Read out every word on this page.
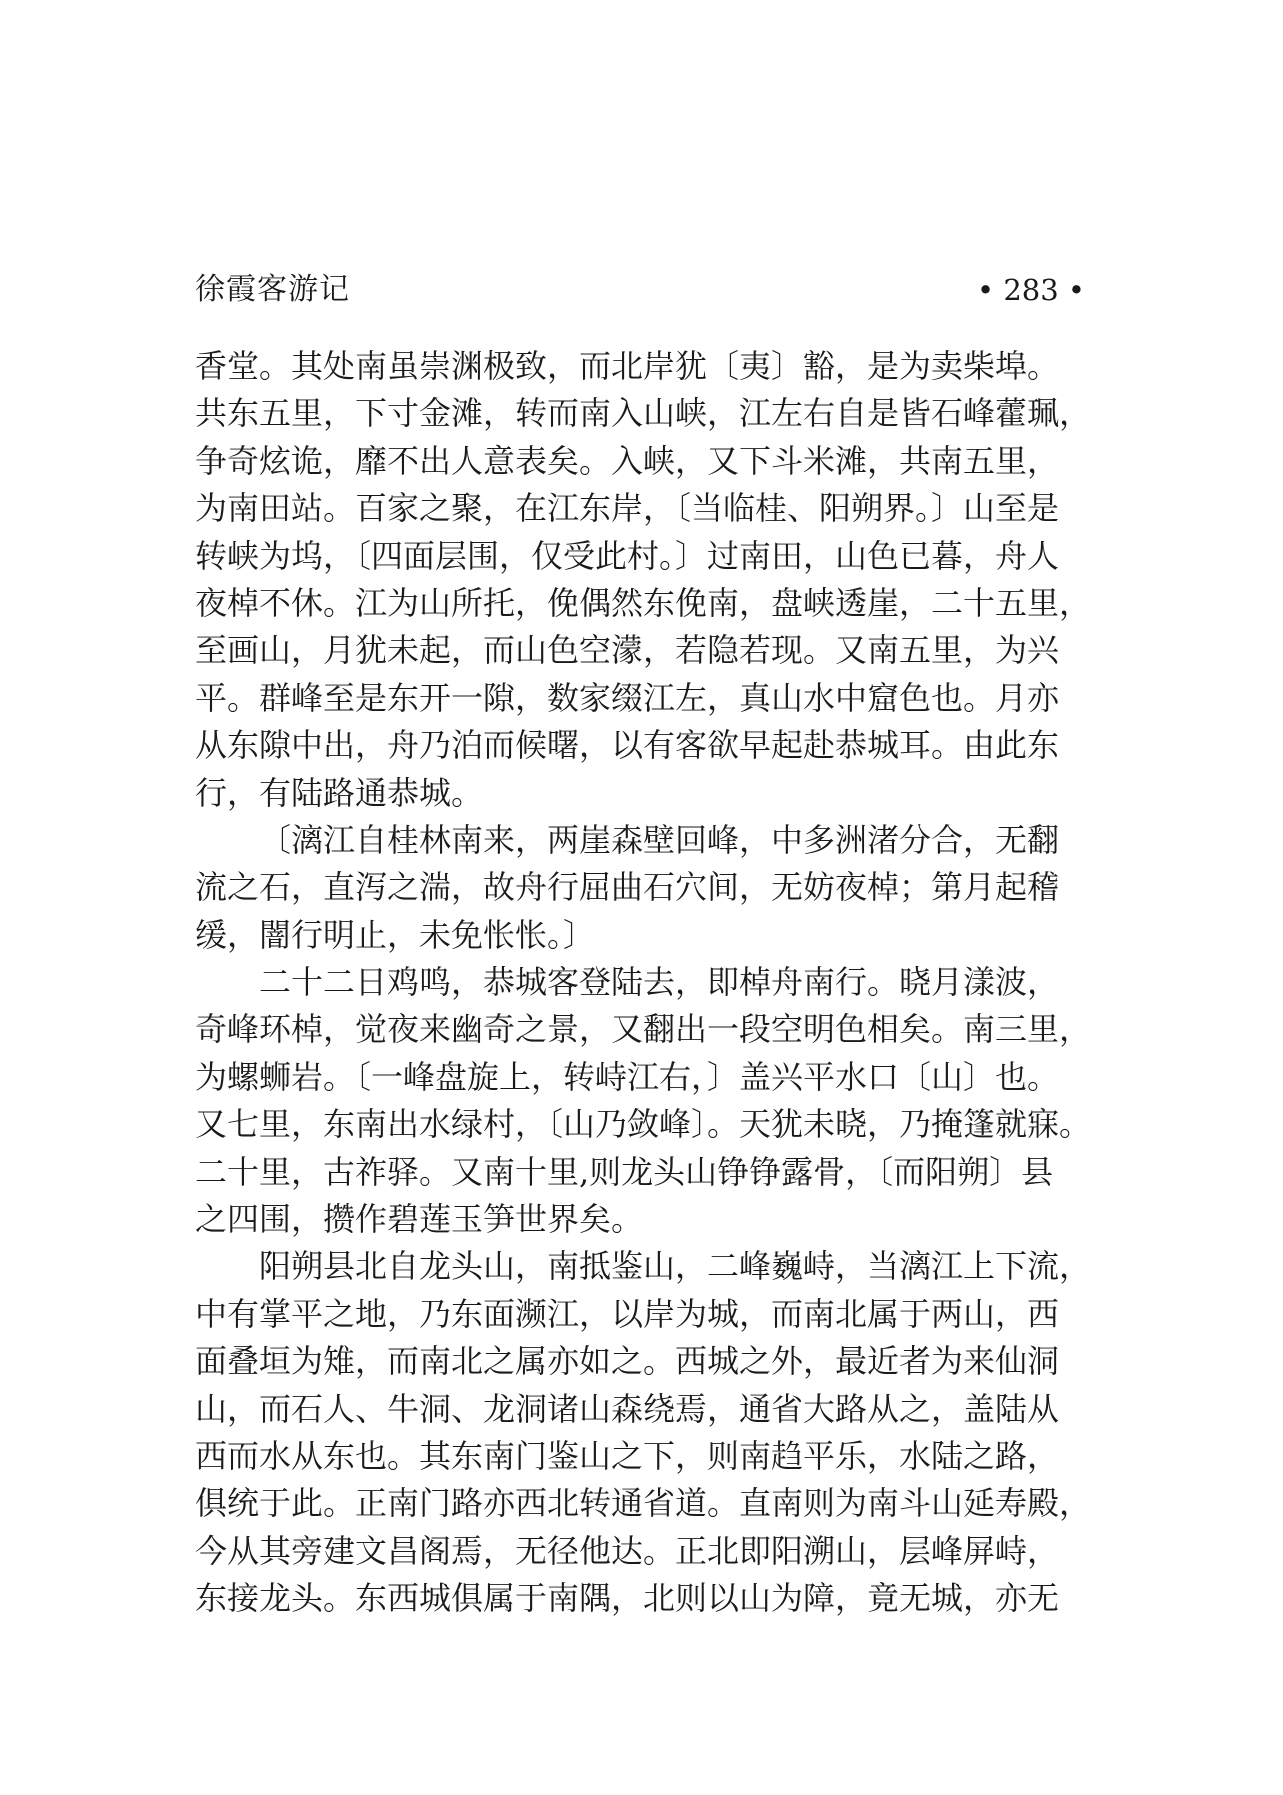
徐霞客游记	• 283 •
香堂。其处南虽崇渊极致，而北岸犹〔夷〕豁，是为卖柴埠。
共东五里，下寸金滩，转而南入山峡，江左右自是皆石峰藿珮，
争奇炫诡，靡不出人意表矣。入峡，又下斗米滩，共南五里，
为南田站。百家之聚，在江东岸，〔当临桂、阳朔界。〕山至是
转峡为坞，〔四面层围，仅受此村。〕过南田，山色已暮，舟人
夜棹不休。江为山所托，俛偶然东俛南，盘峡透崖，二十五里，
至画山，月犹未起，而山色空濛，若隐若现。又南五里，为兴
平。群峰至是东开一隙，数家缀江左，真山水中窟色也。月亦
从东隙中出，舟乃泊而候曙，以有客欲早起赴恭城耳。由此东
行，有陆路通恭城。
〔漓江自桂林南来，两崖森壁回峰，中多洲渚分合，无翻
流之石，直泻之湍，故舟行屈曲石穴间，无妨夜棹；第月起稽
缓，闇行明止，未免怅怅。〕
二十二日鸡鸣，恭城客登陆去，即棹舟南行。晓月漾波，
奇峰环棹，觉夜来幽奇之景，又翻出一段空明色相矣。南三里，
为螺蛳岩。〔一峰盘旋上，转峙江右，〕盖兴平水口〔山〕也。
又七里，东南出水绿村，〔山乃敛峰〕。天犹未晓，乃掩篷就寐。
二十里，古祚驿。又南十里,则龙头山铮铮露骨，〔而阳朔〕县
之四围，攒作碧莲玉笋世界矣。
阳朔县北自龙头山，南抵鉴山，二峰巍峙，当漓江上下流，
中有掌平之地，乃东面濒江，以岸为城，而南北属于两山，西
面叠垣为雉，而南北之属亦如之。西城之外，最近者为来仙洞
山，而石人、牛洞、龙洞诸山森绕焉，通省大路从之，盖陆从
西而水从东也。其东南门鉴山之下，则南趋平乐，水陆之路，
俱统于此。正南门路亦西北转通省道。直南则为南斗山延寿殿，
今从其旁建文昌阁焉，无径他达。正北即阳溯山，层峰屏峙，
东接龙头。东西城俱属于南隅，北则以山为障，竟无城，亦无
